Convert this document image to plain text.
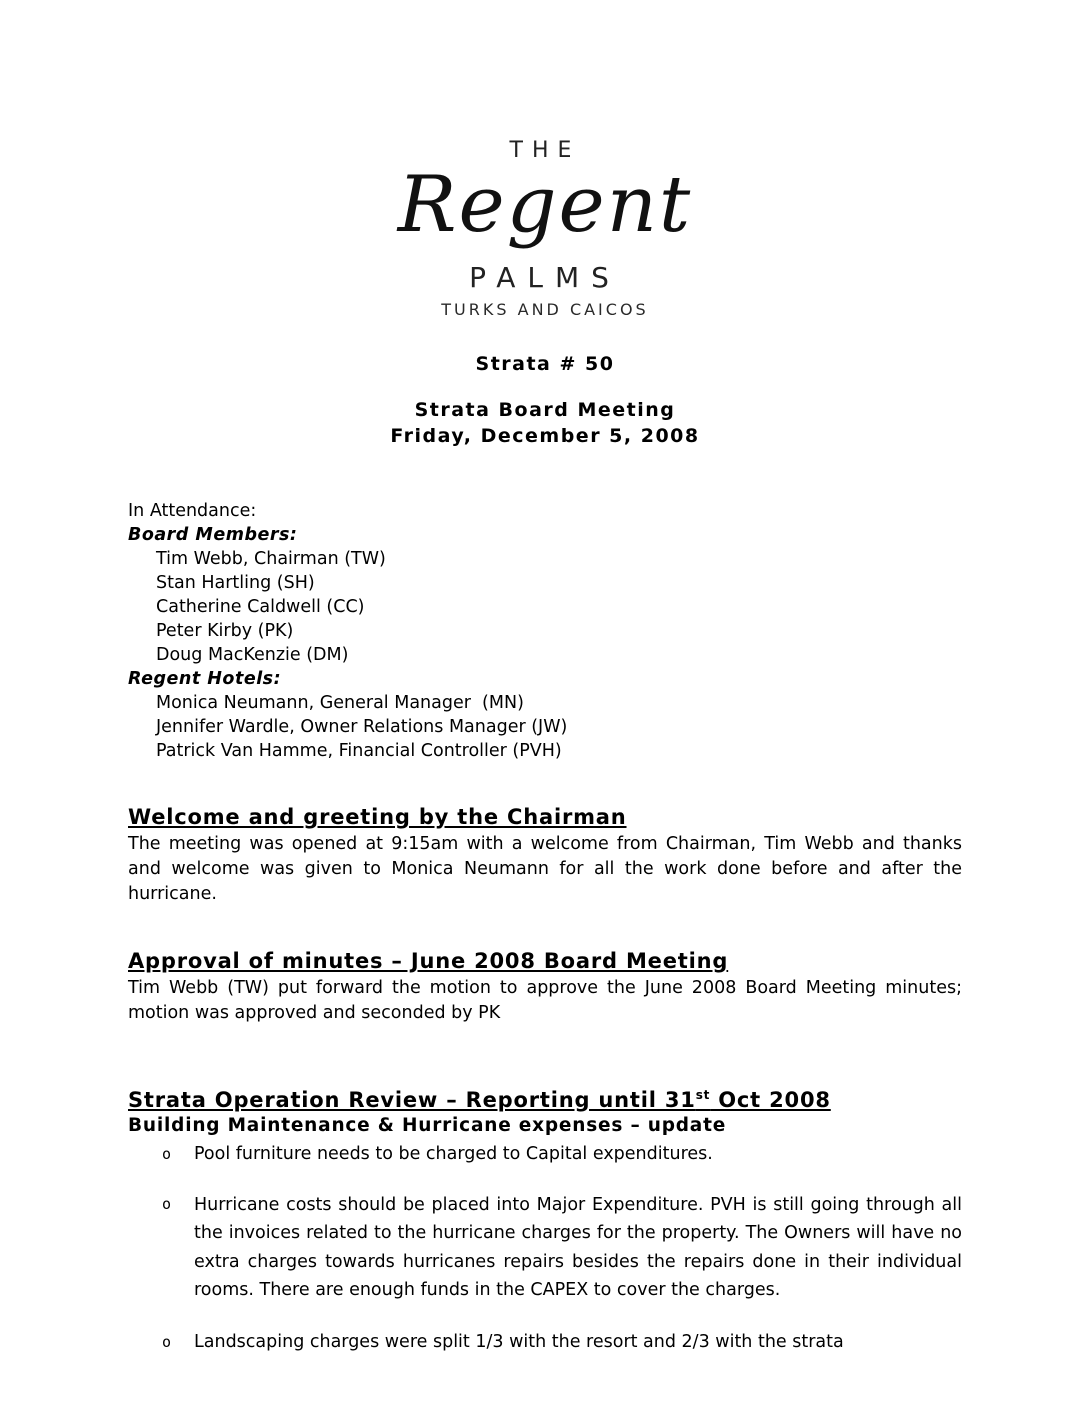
THE
Regent
PALMS
TURKS AND CAICOS
Strata # 50
Strata Board Meeting
Friday, December 5, 2008
In Attendance:
Board Members:
Tim Webb, Chairman (TW)
Stan Hartling (SH)
Catherine Caldwell (CC)
Peter Kirby (PK)
Doug MacKenzie (DM)
Regent Hotels:
Monica Neumann, General Manager  (MN)
Jennifer Wardle, Owner Relations Manager (JW)
Patrick Van Hamme, Financial Controller (PVH)
Welcome and greeting by the Chairman
The meeting was opened at 9:15am with a welcome from Chairman, Tim Webb and thanks and welcome was given to Monica Neumann for all the work done before and after the hurricane.
Approval of minutes – June 2008 Board Meeting
Tim Webb (TW) put forward the motion to approve the June 2008 Board Meeting minutes; motion was approved and seconded by PK
Strata Operation Review – Reporting until 31st Oct 2008
Building Maintenance & Hurricane expenses – update
o	Pool furniture needs to be charged to Capital expenditures.
o	Hurricane costs should be placed into Major Expenditure. PVH is still going through all the invoices related to the hurricane charges for the property. The Owners will have no extra charges towards hurricanes repairs besides the repairs done in their individual rooms. There are enough funds in the CAPEX to cover the charges.
o	Landscaping charges were split 1/3 with the resort and 2/3 with the strata
